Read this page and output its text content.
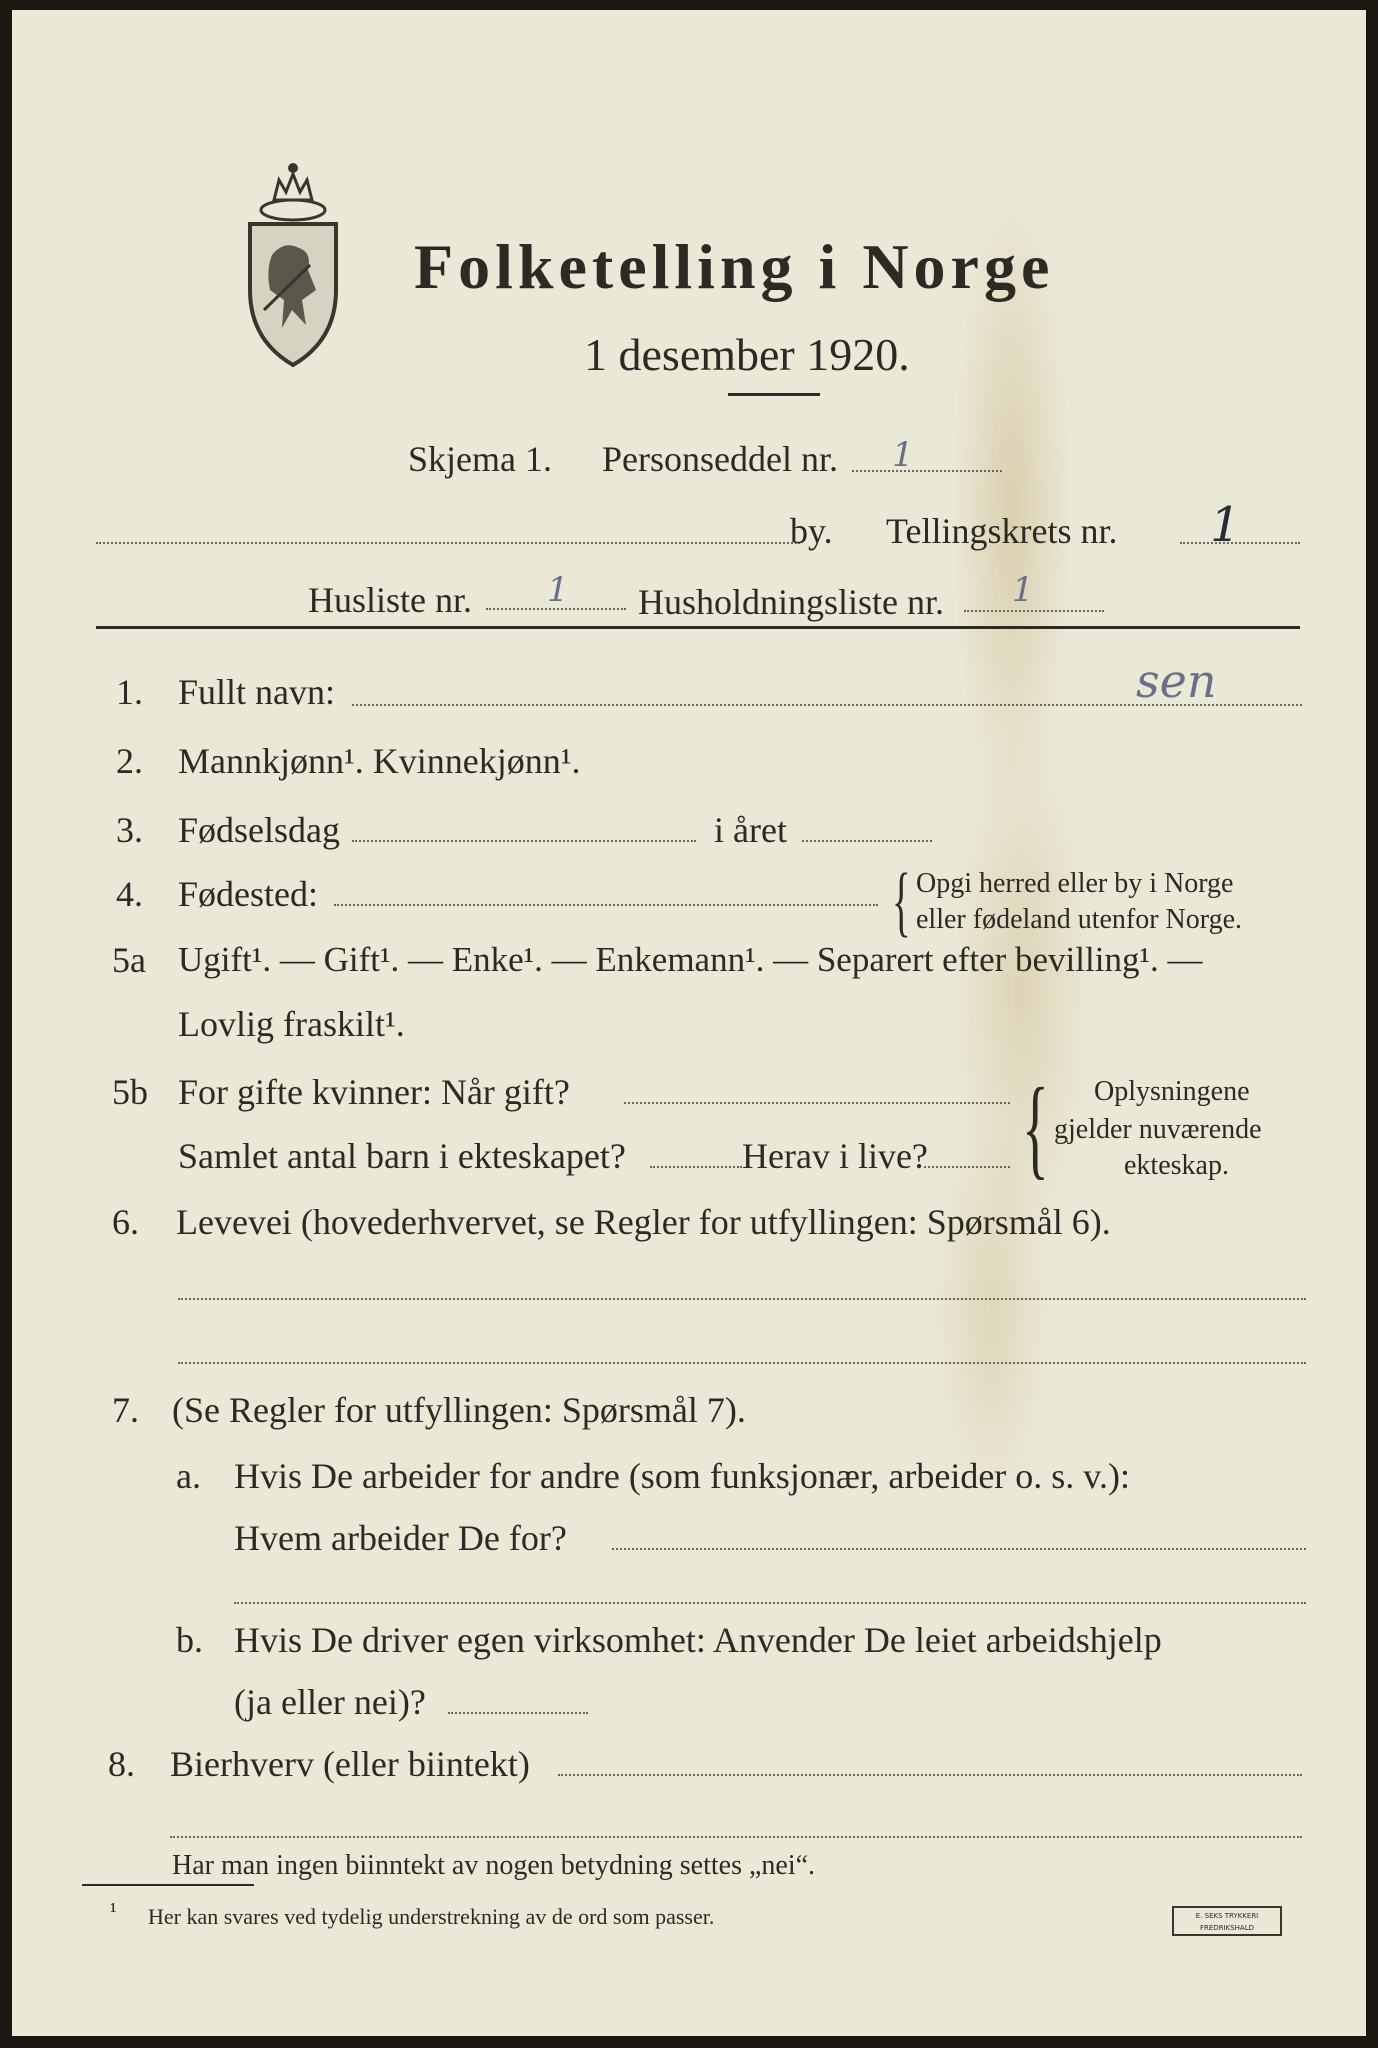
Folketelling i Norge
1 desember 1920.
Skjema 1. Personseddel nr. 1
by. Tellingskrets nr. 1
Husliste nr. 1 Husholdningsliste nr. 1
1. Fullt navn:	sen
2. Mannkjønn¹. Kvinnekjønn¹.
3. Fødselsdag	i året
4. Fødested:	{ Opgi herred eller by i Norge
eller fødeland utenfor Norge.
5a Ugift¹. — Gift¹. — Enke¹. — Enkemann¹. — Separert efter bevilling¹. —
Lovlig fraskilt¹.
5b For gifte kvinner: Når gift?
Samlet antal barn i ekteskapet?	Herav i live? { Oplysningene
gjelder nuværende
ekteskap.
6. Levevei (hovederhvervet, se Regler for utfyllingen: Spørsmål 6).
7. (Se Regler for utfyllingen: Spørsmål 7).
a. Hvis De arbeider for andre (som funksjonær, arbeider o. s. v.):
Hvem arbeider De for?
b. Hvis De driver egen virksomhet: Anvender De leiet arbeidshjelp
(ja eller nei)?
8. Bierhverv (eller biintekt)
Har man ingen biinntekt av nogen betydning settes „nei“.
¹ Her kan svares ved tydelig understrekning av de ord som passer.	E. SEKS TRYKKERI
FREDRIKSHALD
